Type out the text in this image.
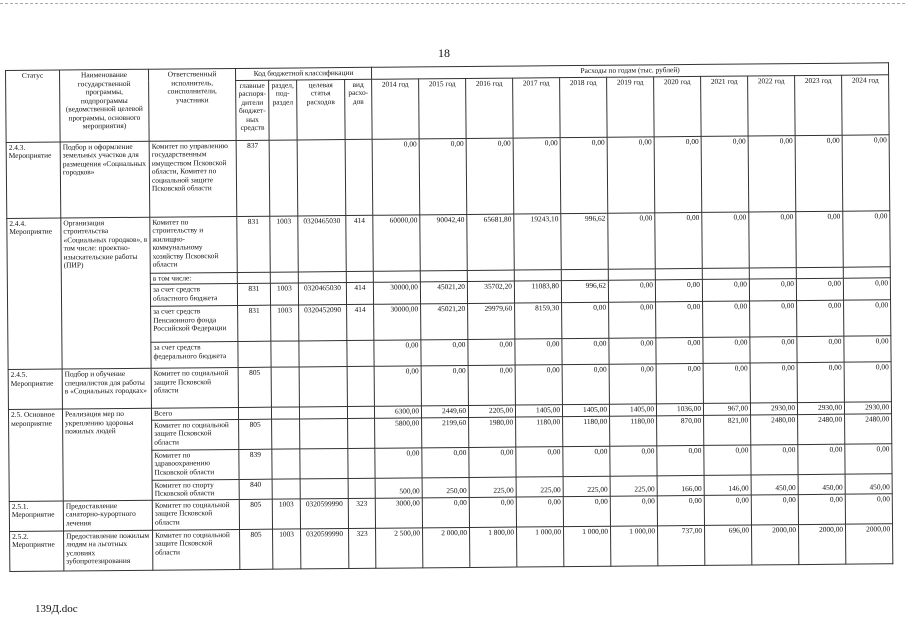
18
Статус	Наименование государственной программы, подпрограммы (ведомственной целевой программы, основного мероприятия)	Ответственный исполнитель, соисполнители, участники	Код бюджетной классификации				Расходы по годам (тыс. рублей)										
			главные распоря-дители бюджет-ных средств	раздел, под-раздел	целевая статья расходов	вид расхо-дов	2014 год	2015 год	2016 год	2017 год	2018 год	2019 год	2020 год	2021 год	2022 год	2023 год	2024 год
2.4.3. Мероприятие	Подбор и оформление земельных участков для размещения «Социальных городков»	Комитет по управлению государственным имуществом Псковской области, Комитет по социальной защите Псковской области	837				0,00	0,00	0,00	0,00	0,00	0,00	0,00	0,00	0,00	0,00	0,00
2.4.4. Мероприятие	Организация строительства «Социальных городков», в том числе: проектно-изыскательские работы (ПИР)	Комитет по строительству и жилищно-коммунальному хозяйству Псковской области	831	1003	0320465030	414	60000,00	90042,40	65681,80	19243,10	996,62	0,00	0,00	0,00	0,00	0,00	0,00
		в том числе:															
		за счет средств областного бюджета	831	1003	0320465030	414	30000,00	45021,20	35702,20	11083,80	996,62	0,00	0,00	0,00	0,00	0,00	0,00
		за счет средств Пенсионного фонда Российской Федерации	831	1003	0320452090	414	30000,00	45021,20	29979,60	8159,30	0,00	0,00	0,00	0,00	0,00	0,00	0,00
		за счет средств федерального бюджета					0,00	0,00	0,00	0,00	0,00	0,00	0,00	0,00	0,00	0,00	0,00
2.4.5. Мероприятие	Подбор и обучение специалистов для работы в «Социальных городках»	Комитет по социальной защите Псковской области	805				0,00	0,00	0,00	0,00	0,00	0,00	0,00	0,00	0,00	0,00	0,00
2.5. Основное мероприятие	Реализация мер по укреплению здоровья пожилых людей	Всего					6300,00	2449,60	2205,00	1405,00	1405,00	1405,00	1036,00	967,00	2930,00	2930,00	2930,00
		Комитет по социальной защите Псковской области	805				5800,00	2199,60	1980,00	1180,00	1180,00	1180,00	870,00	821,00	2480,00	2480,00	2480,00
		Комитет по здравоохранению Псковской области	839				0,00	0,00	0,00	0,00	0,00	0,00	0,00	0,00	0,00	0,00	0,00
		Комитет по спорту Псковской области	840				500,00	250,00	225,00	225,00	225,00	225,00	166,00	146,00	450,00	450,00	450,00
2.5.1. Мероприятие	Предоставление санаторно-курортного лечения	Комитет по социальной защите Псковской области	805	1003	0320599990	323	3000,00	0,00	0,00	0,00	0,00	0,00	0,00	0,00	0,00	0,00	0,00
2.5.2. Мероприятие	Предоставление пожилым людям на льготных условиях зубопротезирования	Комитет по социальной защите Псковской области	805	1003	0320599990	323	2 500,00	2 000,00	1 800,00	1 000,00	1 000,00	1 000,00	737,00	696,00	2000,00	2000,00	2000,00
139Д.doc
